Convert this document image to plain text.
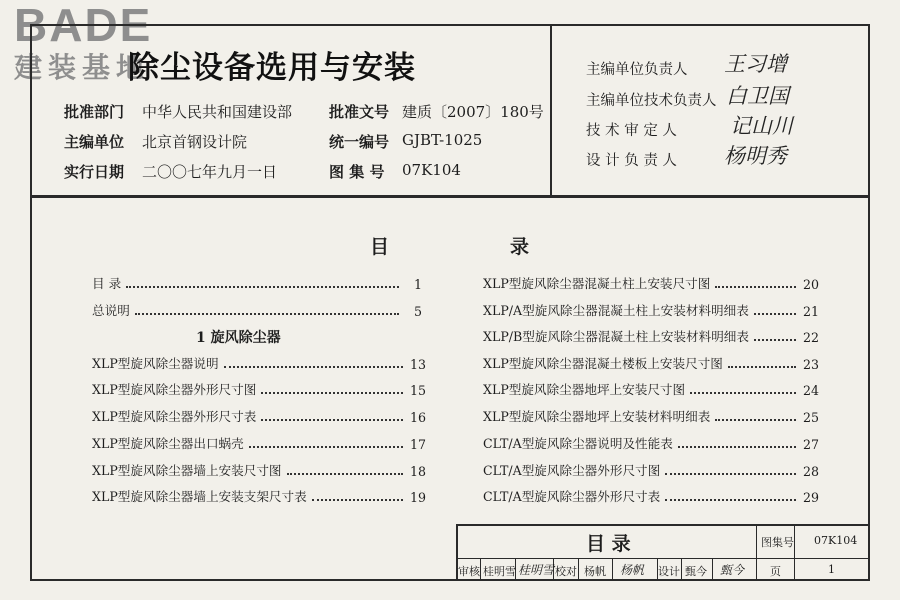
BADE
建装基地
除尘设备选用与安装
批准部门 中华人民共和国建设部 批准文号 建质〔2007〕180号
主编单位 北京首钢设计院	统一编号 GJBT-1025
实行日期 二〇〇七年九月一日	图 集 号 07K104
主编单位负责人 王习增
主编单位技术负责人 白卫国
技 术 审 定 人	记山川
设 计 负 责 人 杨明秀
目	录
目 录	1
总说明	5
1 旋风除尘器
XLP型旋风除尘器说明	13
XLP型旋风除尘器外形尺寸图	15
XLP型旋风除尘器外形尺寸表	16
XLP型旋风除尘器出口蜗壳	17
XLP型旋风除尘器墙上安装尺寸图	18
XLP型旋风除尘器墙上安装支架尺寸表	19
XLP型旋风除尘器混凝土柱上安装尺寸图	20
XLP/A型旋风除尘器混凝土柱上安装材料明细表	21
XLP/B型旋风除尘器混凝土柱上安装材料明细表	22
XLP型旋风除尘器混凝土楼板上安装尺寸图	23
XLP型旋风除尘器地坪上安装尺寸图	24
XLP型旋风除尘器地坪上安装材料明细表	25
CLT/A型旋风除尘器说明及性能表	27
CLT/A型旋风除尘器外形尺寸图	28
CLT/A型旋风除尘器外形尺寸表	29
目 录	图集号 07K104
审核 桂明雪 桂明雪 校对 杨帆 杨帆 设计 甄今 甄今 页	1
